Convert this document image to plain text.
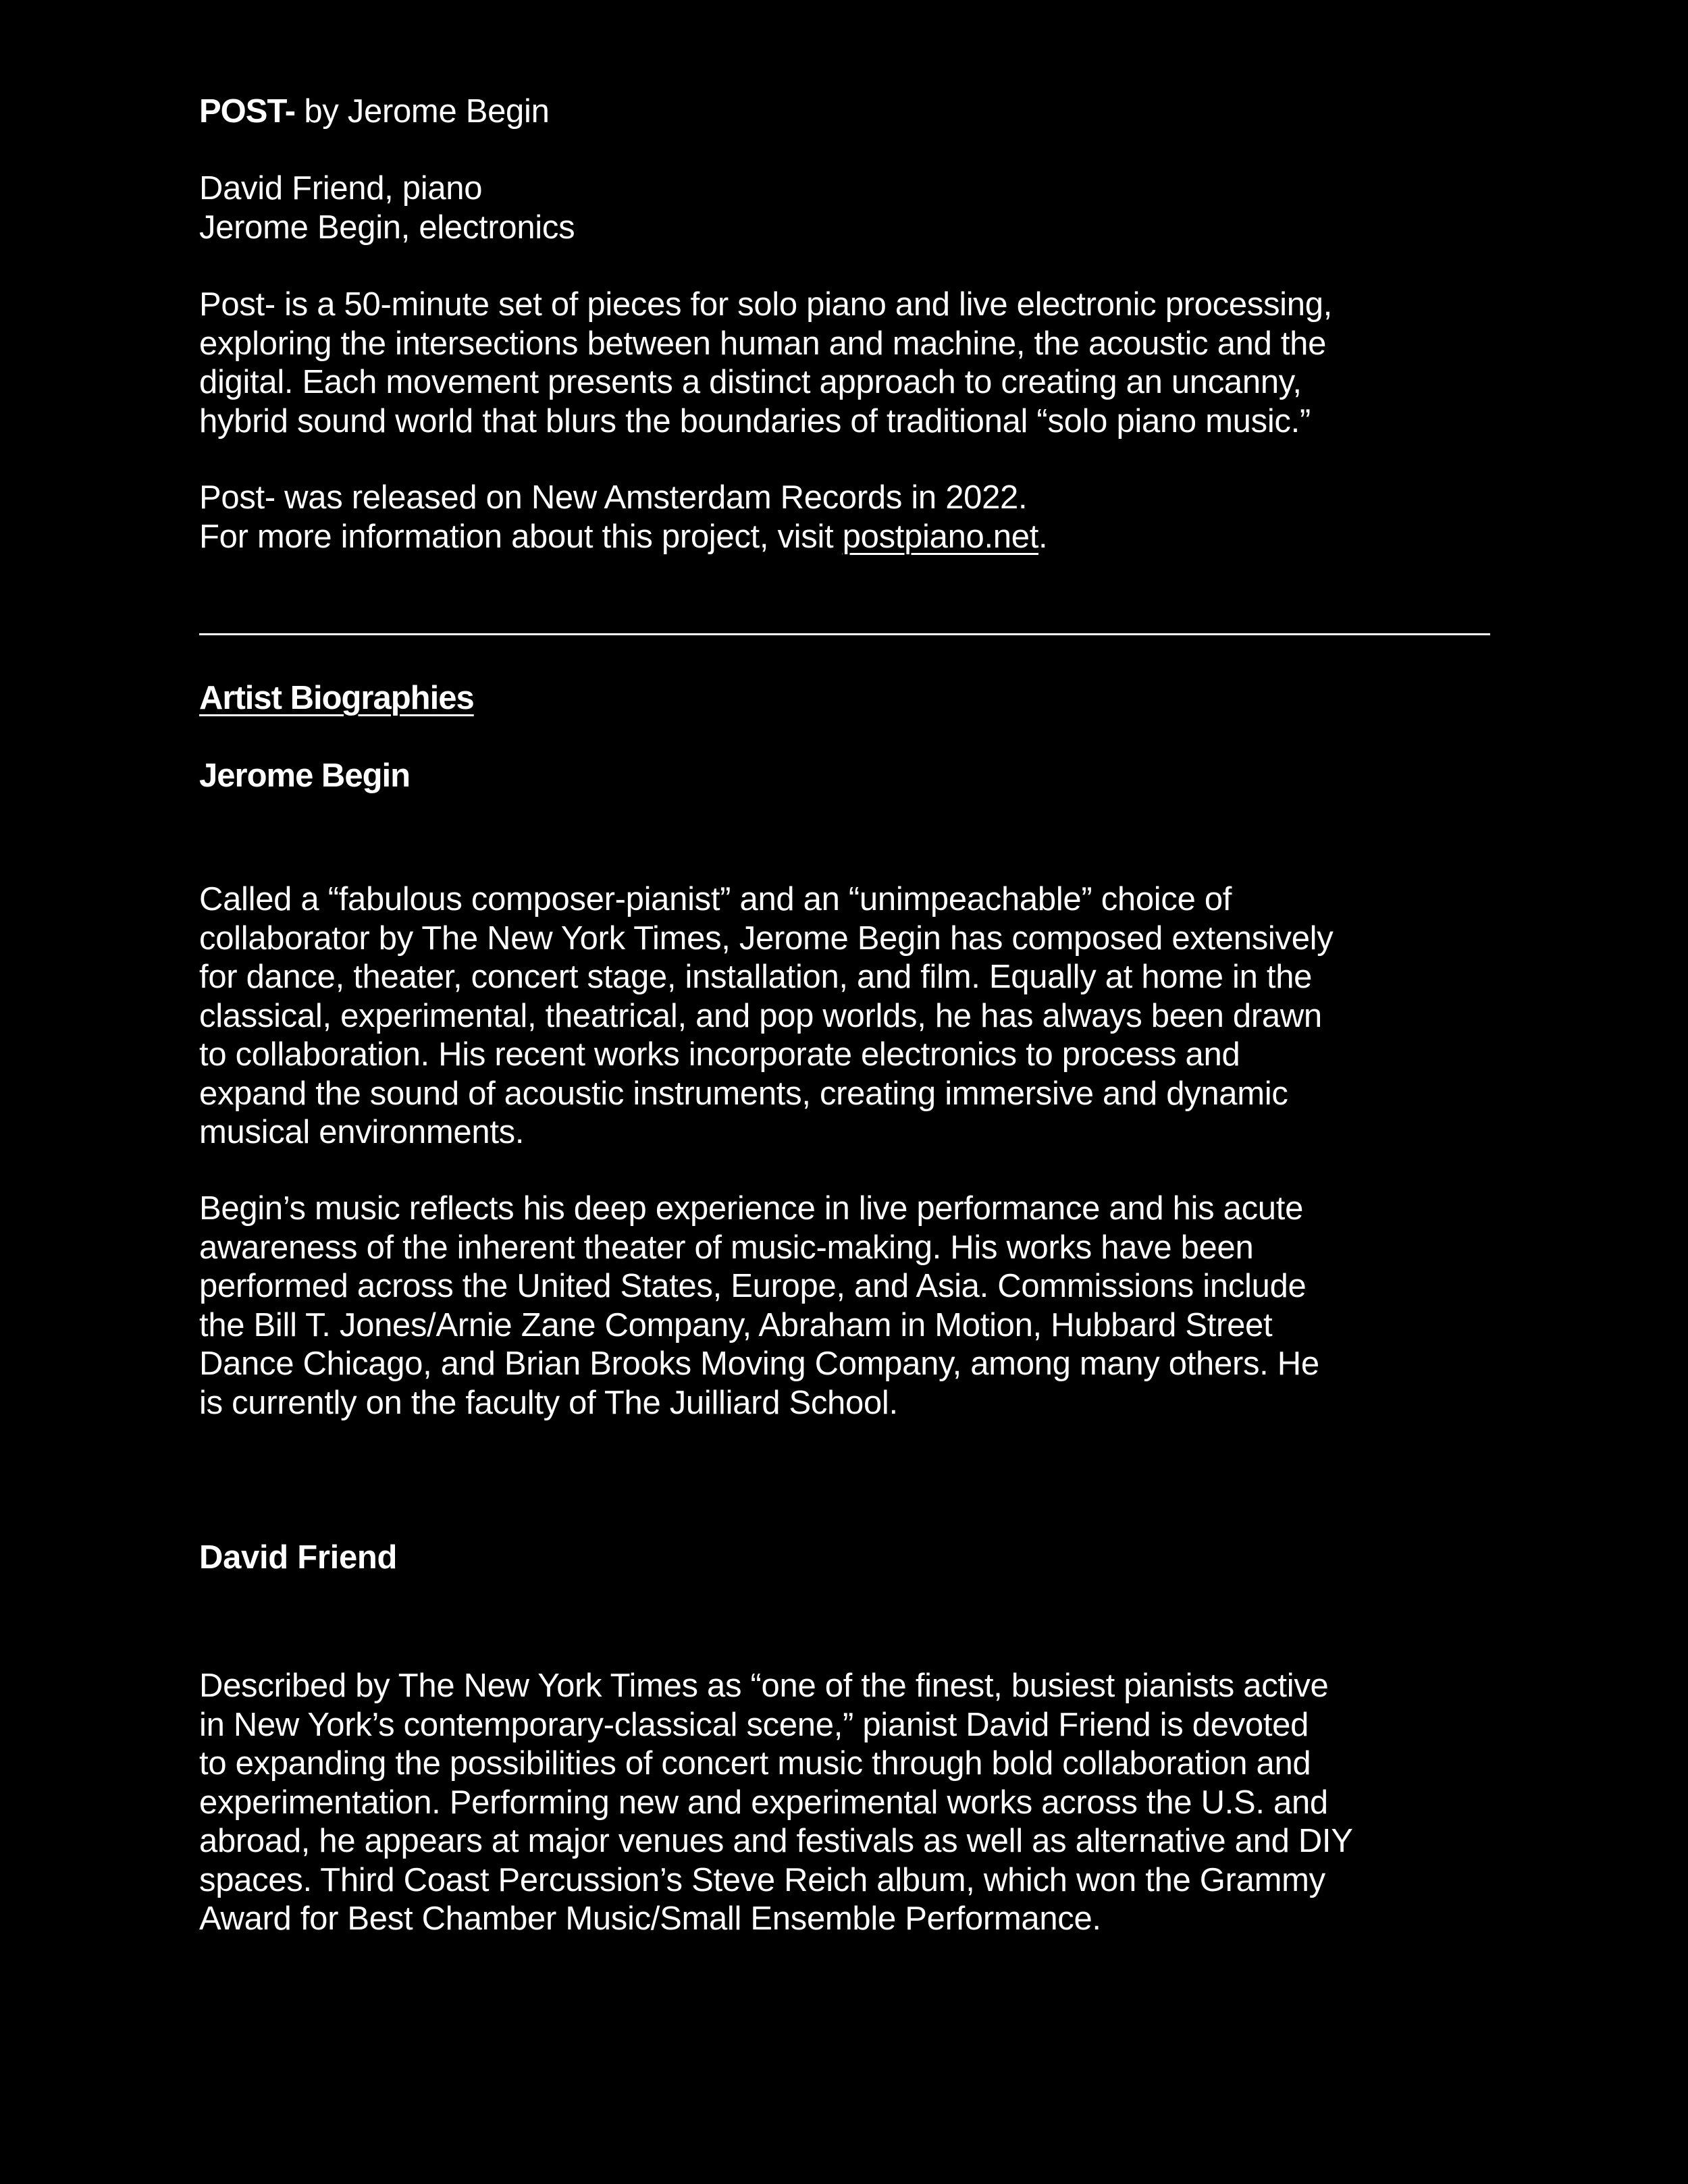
POST- by Jerome Begin

David Friend, piano

Jerome Begin, electronics

Post- is a 50-minute set of pieces for solo piano and live electronic processing,

exploring the intersections between human and machine, the acoustic and the

digital. Each movement presents a distinct approach to creating an uncanny,

hybrid sound world that blurs the boundaries of traditional “solo piano music.”

Post- was released on New Amsterdam Records in 2022.

For more information about this project, visit postpiano.net.

Artist Biographies

Jerome Begin

Called a “fabulous composer-pianist” and an “unimpeachable” choice of

collaborator by The New York Times, Jerome Begin has composed extensively

for dance, theater, concert stage, installation, and film. Equally at home in the

classical, experimental, theatrical, and pop worlds, he has always been drawn

to collaboration. His recent works incorporate electronics to process and

expand the sound of acoustic instruments, creating immersive and dynamic

musical environments.

Begin’s music reflects his deep experience in live performance and his acute

awareness of the inherent theater of music-making. His works have been

performed across the United States, Europe, and Asia. Commissions include

the Bill T. Jones/Arnie Zane Company, Abraham in Motion, Hubbard Street

Dance Chicago, and Brian Brooks Moving Company, among many others. He

is currently on the faculty of The Juilliard School.

David Friend

Described by The New York Times as “one of the finest, busiest pianists active

in New York’s contemporary-classical scene,” pianist David Friend is devoted

to expanding the possibilities of concert music through bold collaboration and

experimentation. Performing new and experimental works across the U.S. and

abroad, he appears at major venues and festivals as well as alternative and DIY

spaces. Third Coast Percussion’s Steve Reich album, which won the Grammy

Award for Best Chamber Music/Small Ensemble Performance.
